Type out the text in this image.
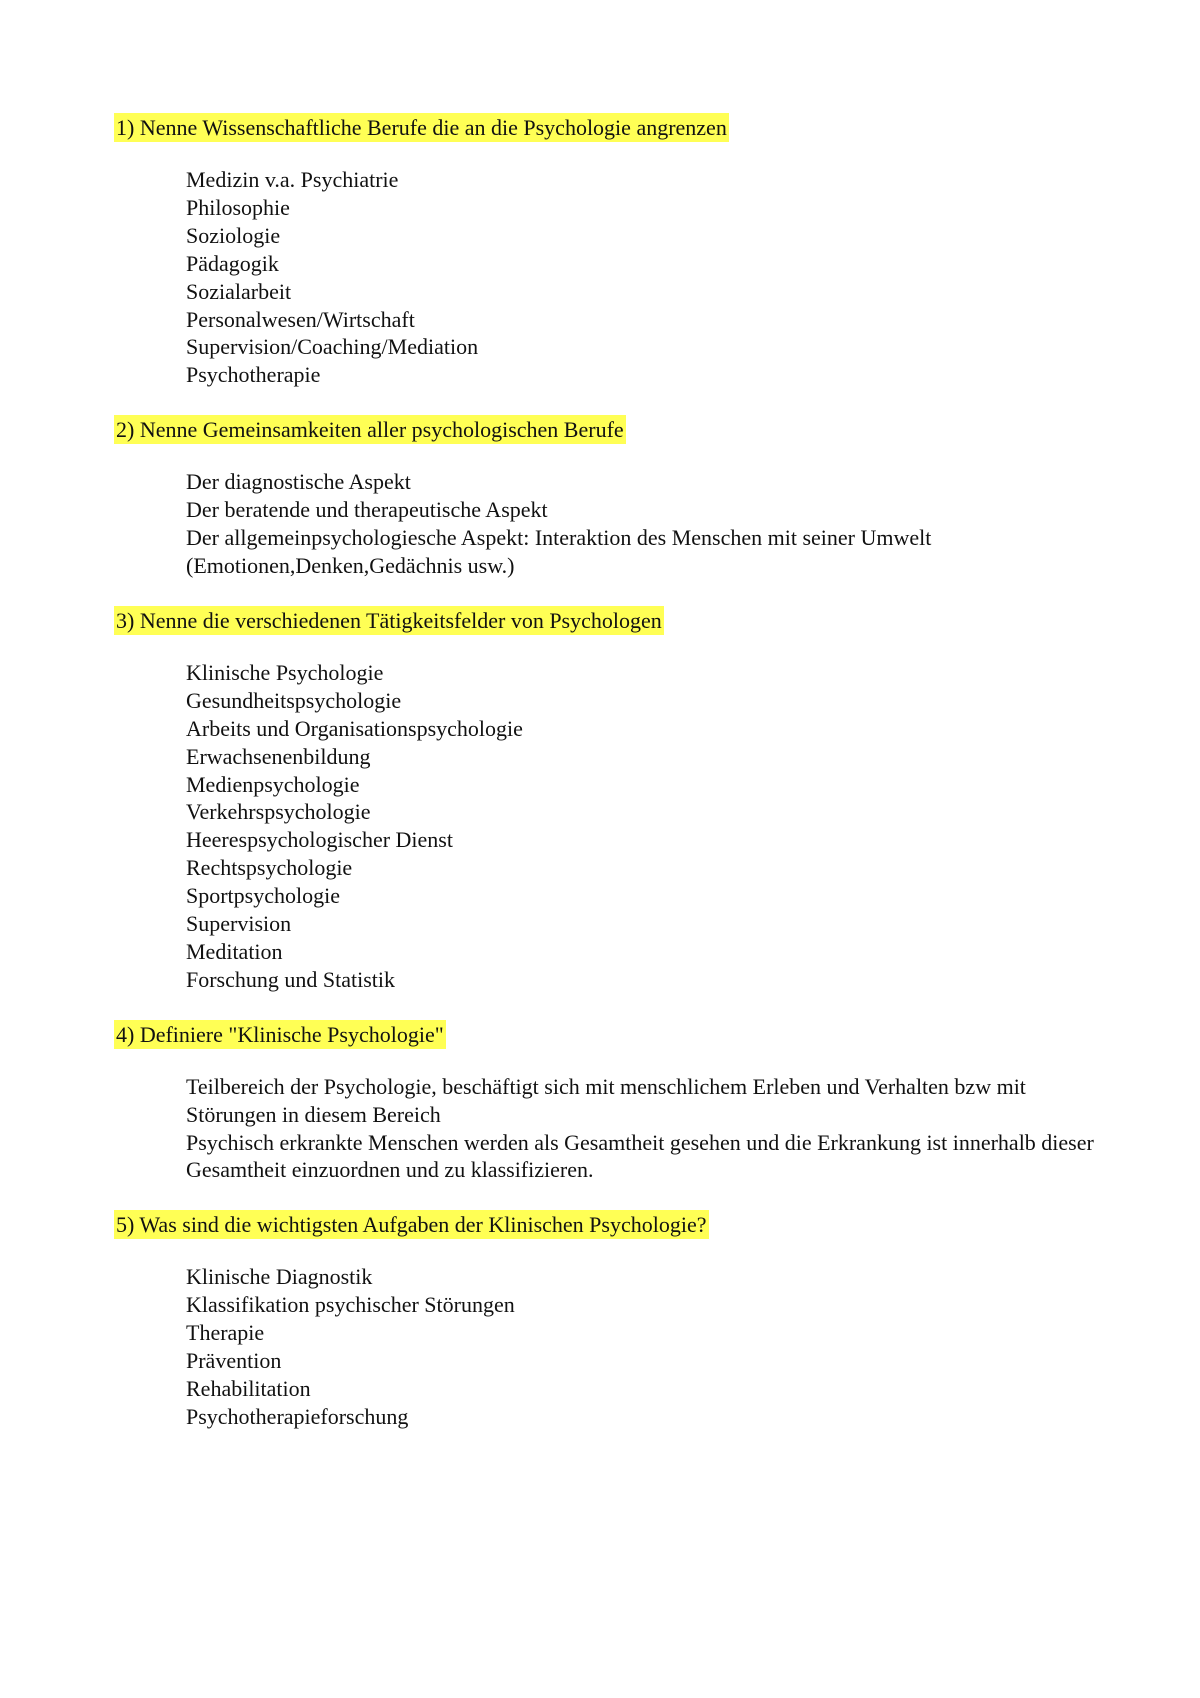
1) Nenne Wissenschaftliche Berufe die an die Psychologie angrenzen
Medizin v.a. Psychiatrie
Philosophie
Soziologie
Pädagogik
Sozialarbeit
Personalwesen/Wirtschaft
Supervision/Coaching/Mediation
Psychotherapie
2) Nenne Gemeinsamkeiten aller psychologischen Berufe
Der diagnostische Aspekt
Der beratende und therapeutische Aspekt
Der allgemeinpsychologiesche Aspekt: Interaktion des Menschen mit seiner Umwelt
(Emotionen,Denken,Gedächnis usw.)
3) Nenne die verschiedenen Tätigkeitsfelder von Psychologen
Klinische Psychologie
Gesundheitspsychologie
Arbeits und Organisationspsychologie
Erwachsenenbildung
Medienpsychologie
Verkehrspsychologie
Heerespsychologischer Dienst
Rechtspsychologie
Sportpsychologie
Supervision
Meditation
Forschung und Statistik
4) Definiere "Klinische Psychologie"
Teilbereich der Psychologie, beschäftigt sich mit menschlichem Erleben und Verhalten bzw mit Störungen in diesem Bereich
Psychisch erkrankte Menschen werden als Gesamtheit gesehen und die Erkrankung ist innerhalb dieser Gesamtheit einzuordnen und zu klassifizieren.
5) Was sind die wichtigsten Aufgaben der Klinischen Psychologie?
Klinische Diagnostik
Klassifikation psychischer Störungen
Therapie
Prävention
Rehabilitation
Psychotherapieforschung
